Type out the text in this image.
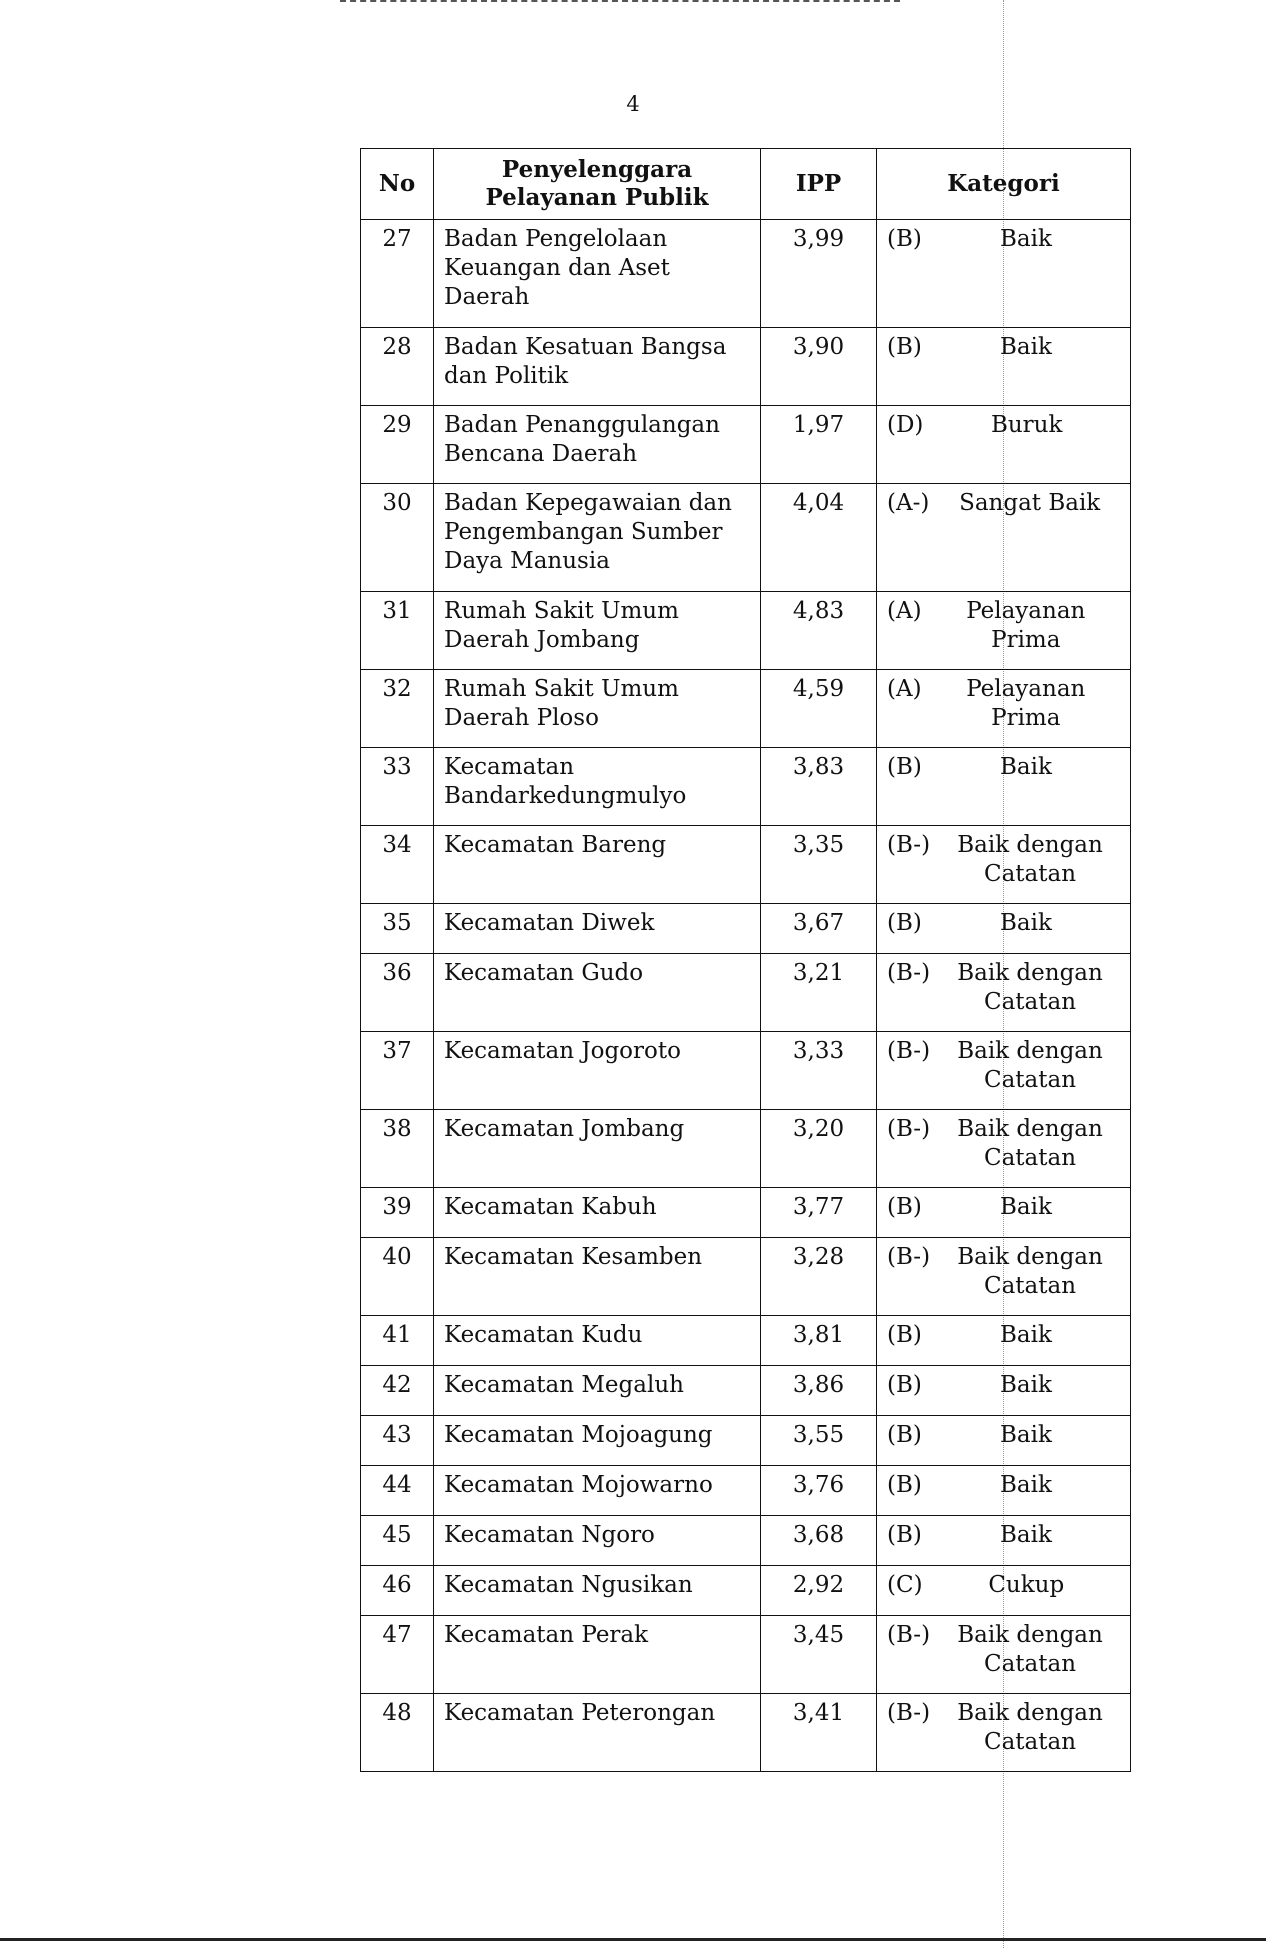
4
No	Penyelenggara Pelayanan Publik	IPP	Kategori
27	Badan Pengelolaan Keuangan dan Aset Daerah	3,99	(B) Baik

28	Badan Kesatuan Bangsa dan Politik	3,90	(B) Baik

29	Badan Penanggulangan Bencana Daerah	1,97	(D) Buruk

30	Badan Kepegawaian dan Pengembangan Sumber Daya Manusia	4,04	(A-) Sangat Baik

31	Rumah Sakit Umum Daerah Jombang	4,83	(A) Pelayanan Prima

32	Rumah Sakit Umum Daerah Ploso	4,59	(A) Pelayanan Prima

33	Kecamatan Bandarkedungmulyo	3,83	(B) Baik

34	Kecamatan Bareng	3,35	(B-) Baik dengan Catatan

35	Kecamatan Diwek	3,67	(B) Baik

36	Kecamatan Gudo	3,21	(B-) Baik dengan Catatan

37	Kecamatan Jogoroto	3,33	(B-) Baik dengan Catatan

38	Kecamatan Jombang	3,20	(B-) Baik dengan Catatan

39	Kecamatan Kabuh	3,77	(B) Baik

40	Kecamatan Kesamben	3,28	(B-) Baik dengan Catatan

41	Kecamatan Kudu	3,81	(B) Baik

42	Kecamatan Megaluh	3,86	(B) Baik

43	Kecamatan Mojoagung	3,55	(B) Baik

44	Kecamatan Mojowarno	3,76	(B) Baik

45	Kecamatan Ngoro	3,68	(B) Baik

46	Kecamatan Ngusikan	2,92	(C) Cukup

47	Kecamatan Perak	3,45	(B-) Baik dengan Catatan

48	Kecamatan Peterongan	3,41	(B-) Baik dengan Catatan
